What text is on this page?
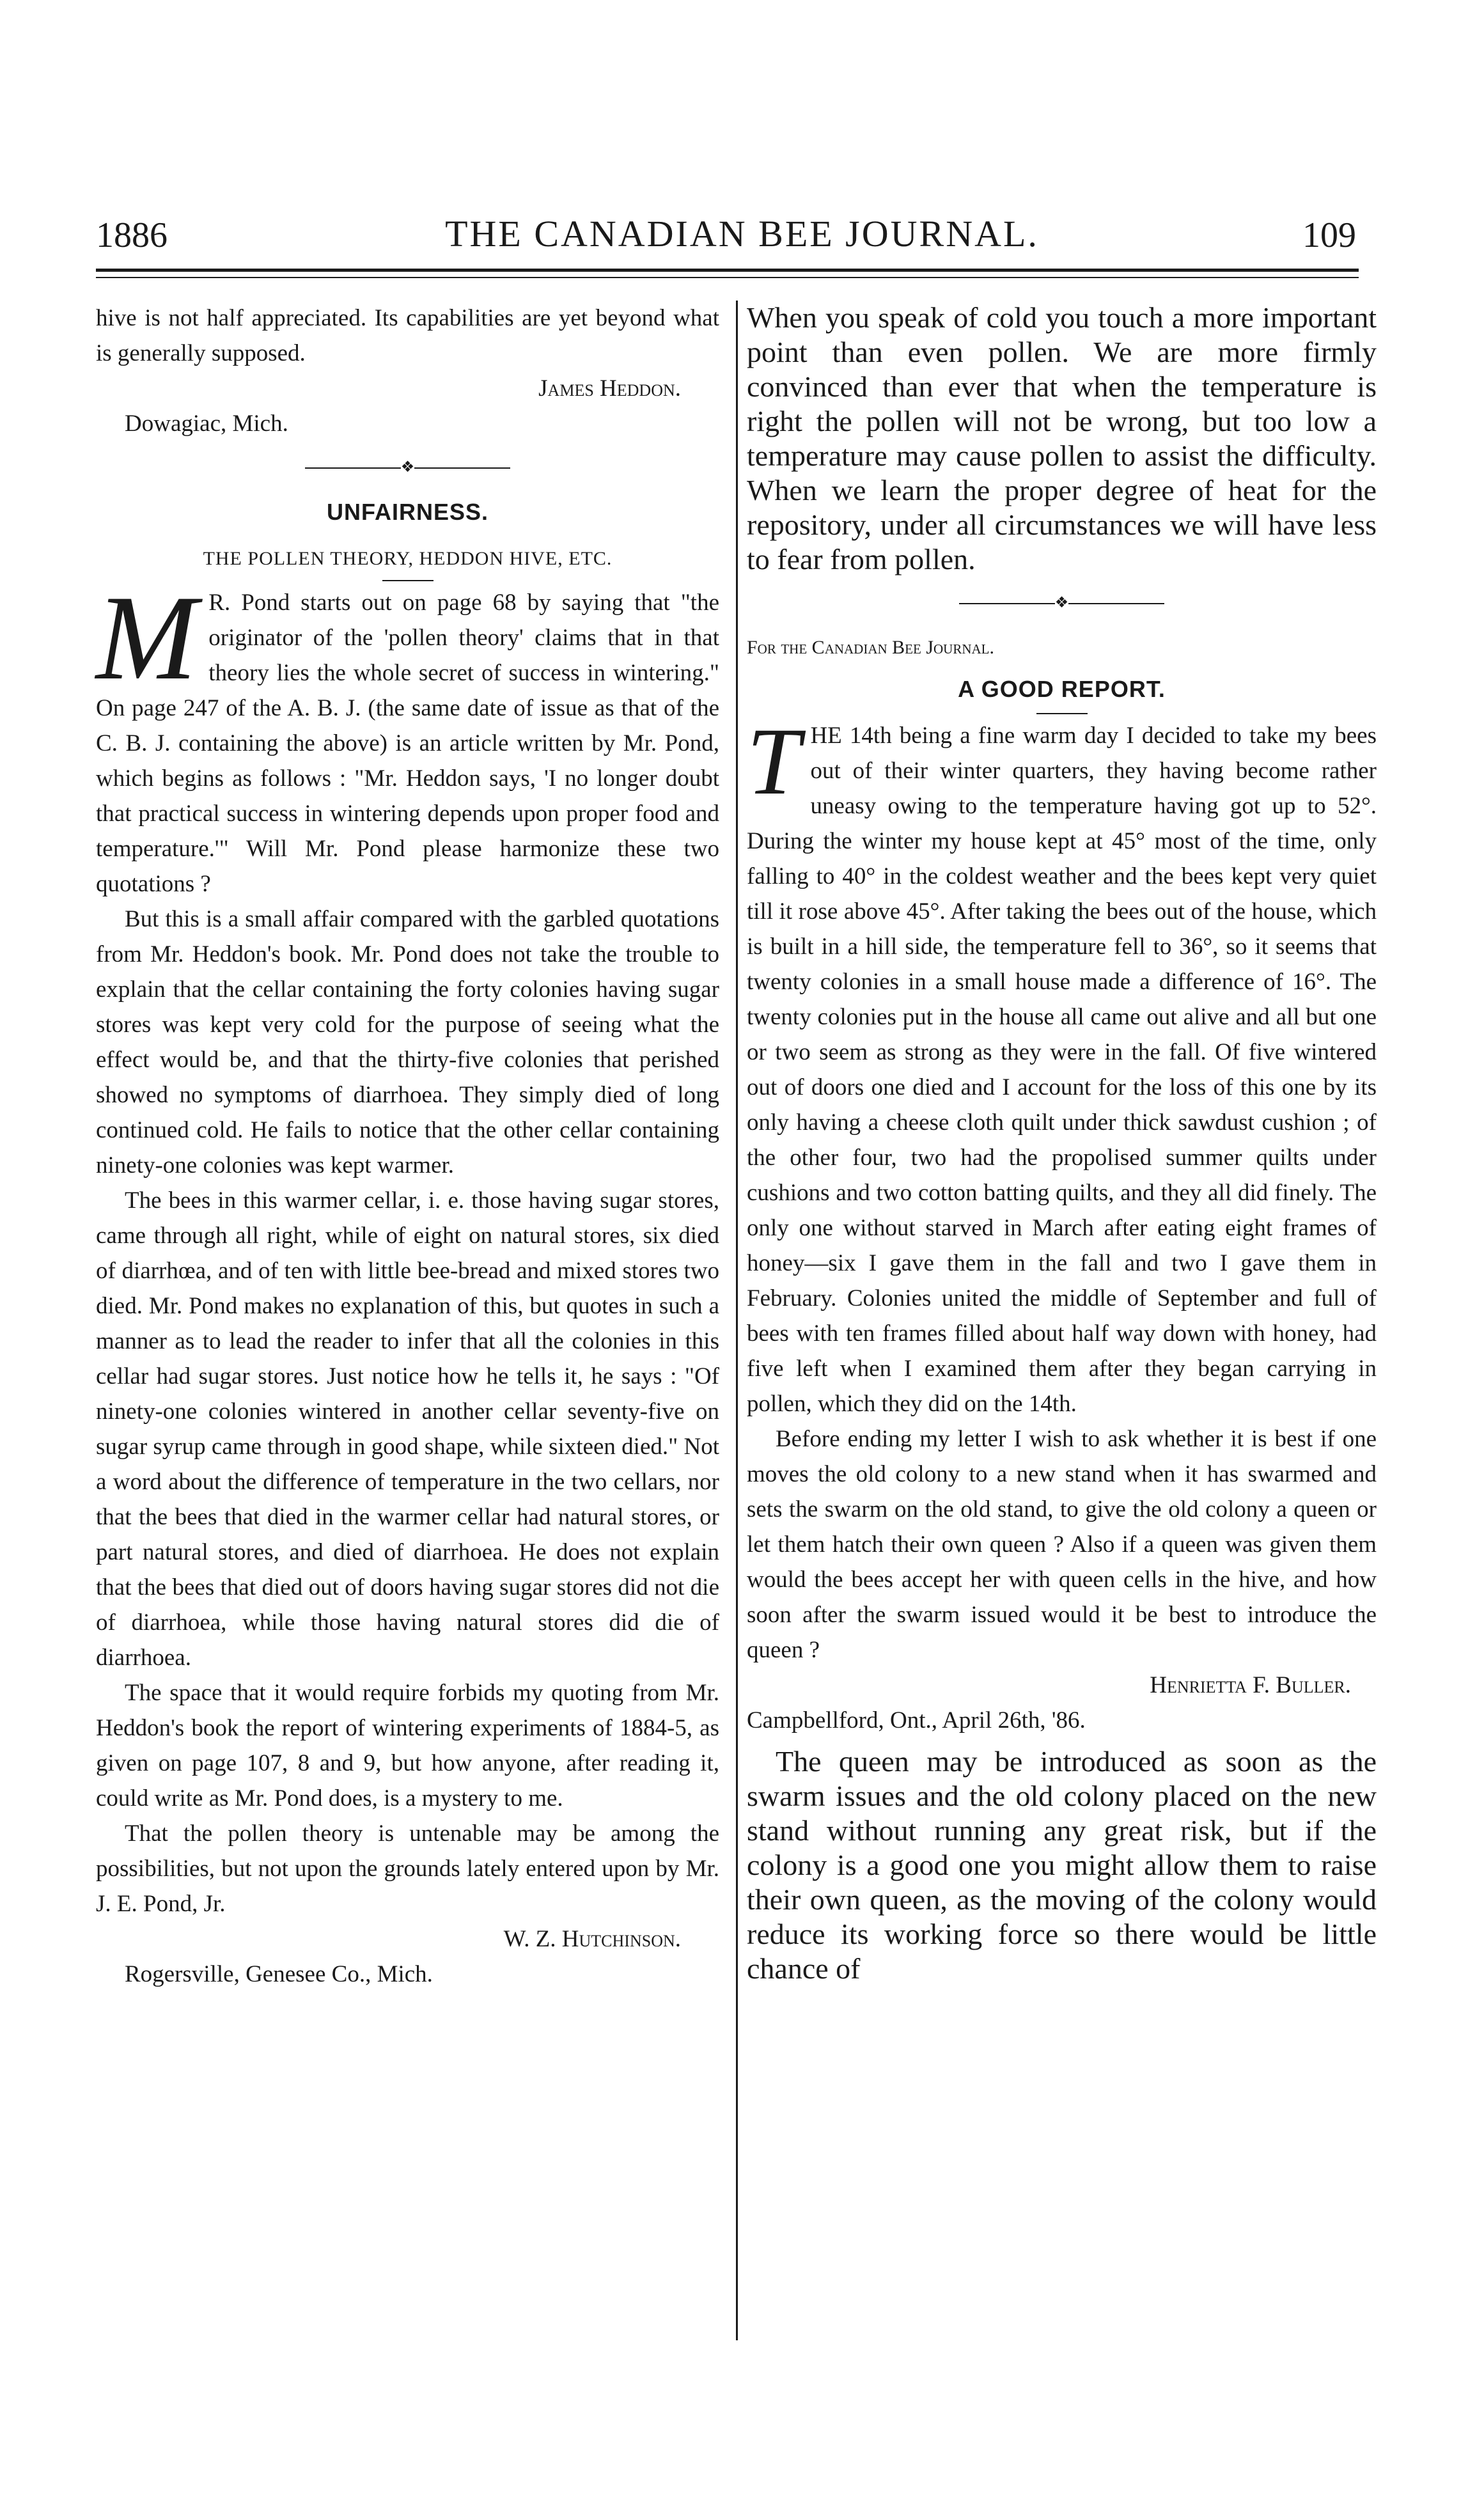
1886	THE CANADIAN BEE JOURNAL.	109

hive is not half appreciated. Its capabilities are yet beyond what is generally supposed.

James Heddon.

Dowagiac, Mich.

❖
UNFAIRNESS.
THE POLLEN THEORY, HEDDON HIVE, ETC.

M R. Pond starts out on page 68 by saying that "the originator of the 'pollen theory' claims that in that theory lies the whole secret of success in wintering." On page 247 of the A. B. J. (the same date of issue as that of the C. B. J. containing the above) is an article written by Mr. Pond, which begins as follows : "Mr. Heddon says, 'I no longer doubt that practical success in wintering depends upon proper food and temperature.'" Will Mr. Pond please harmonize these two quotations ?

But this is a small affair compared with the garbled quotations from Mr. Heddon's book. Mr. Pond does not take the trouble to explain that the cellar containing the forty colonies having sugar stores was kept very cold for the purpose of seeing what the effect would be, and that the thirty-five colonies that perished showed no symptoms of diarrhoea. They simply died of long continued cold. He fails to notice that the other cellar containing ninety-one colonies was kept warmer.

The bees in this warmer cellar, i. e. those having sugar stores, came through all right, while of eight on natural stores, six died of diarrhœa, and of ten with little bee-bread and mixed stores two died. Mr. Pond makes no explanation of this, but quotes in such a manner as to lead the reader to infer that all the colonies in this cellar had sugar stores. Just notice how he tells it, he says : "Of ninety-one colonies wintered in another cellar seventy-five on sugar syrup came through in good shape, while sixteen died." Not a word about the difference of temperature in the two cellars, nor that the bees that died in the warmer cellar had natural stores, or part natural stores, and died of diarrhoea. He does not explain that the bees that died out of doors having sugar stores did not die of diarrhoea, while those having natural stores did die of diarrhoea.

The space that it would require forbids my quoting from Mr. Heddon's book the report of wintering experiments of 1884-5, as given on page 107, 8 and 9, but how anyone, after reading it, could write as Mr. Pond does, is a mystery to me.

That the pollen theory is untenable may be among the possibilities, but not upon the grounds lately entered upon by Mr. J. E. Pond, Jr.

W. Z. Hutchinson.

Rogersville, Genesee Co., Mich.

When you speak of cold you touch a more important point than even pollen. We are more firmly convinced than ever that when the temperature is right the pollen will not be wrong, but too low a temperature may cause pollen to assist the difficulty. When we learn the proper degree of heat for the repository, under all circumstances we will have less to fear from pollen.

❖

For the Canadian Bee Journal.

A GOOD REPORT.

THE 14th being a fine warm day I decided to take my bees out of their winter quarters, they having become rather uneasy owing to the temperature having got up to 52°. During the winter my house kept at 45° most of the time, only falling to 40° in the coldest weather and the bees kept very quiet till it rose above 45°. After taking the bees out of the house, which is built in a hill side, the temperature fell to 36°, so it seems that twenty colonies in a small house made a difference of 16°. The twenty colonies put in the house all came out alive and all but one or two seem as strong as they were in the fall. Of five wintered out of doors one died and I account for the loss of this one by its only having a cheese cloth quilt under thick sawdust cushion ; of the other four, two had the propolised summer quilts under cushions and two cotton batting quilts, and they all did finely. The only one without starved in March after eating eight frames of honey—six I gave them in the fall and two I gave them in February. Colonies united the middle of September and full of bees with ten frames filled about half way down with honey, had five left when I examined them after they began carrying in pollen, which they did on the 14th.

Before ending my letter I wish to ask whether it is best if one moves the old colony to a new stand when it has swarmed and sets the swarm on the old stand, to give the old colony a queen or let them hatch their own queen ? Also if a queen was given them would the bees accept her with queen cells in the hive, and how soon after the swarm issued would it be best to introduce the queen ?

Henrietta F. Buller.

Campbellford, Ont., April 26th, '86.

The queen may be introduced as soon as the swarm issues and the old colony placed on the new stand without running any great risk, but if the colony is a good one you might allow them to raise their own queen, as the moving of the colony would reduce its working force so there would be little chance of
